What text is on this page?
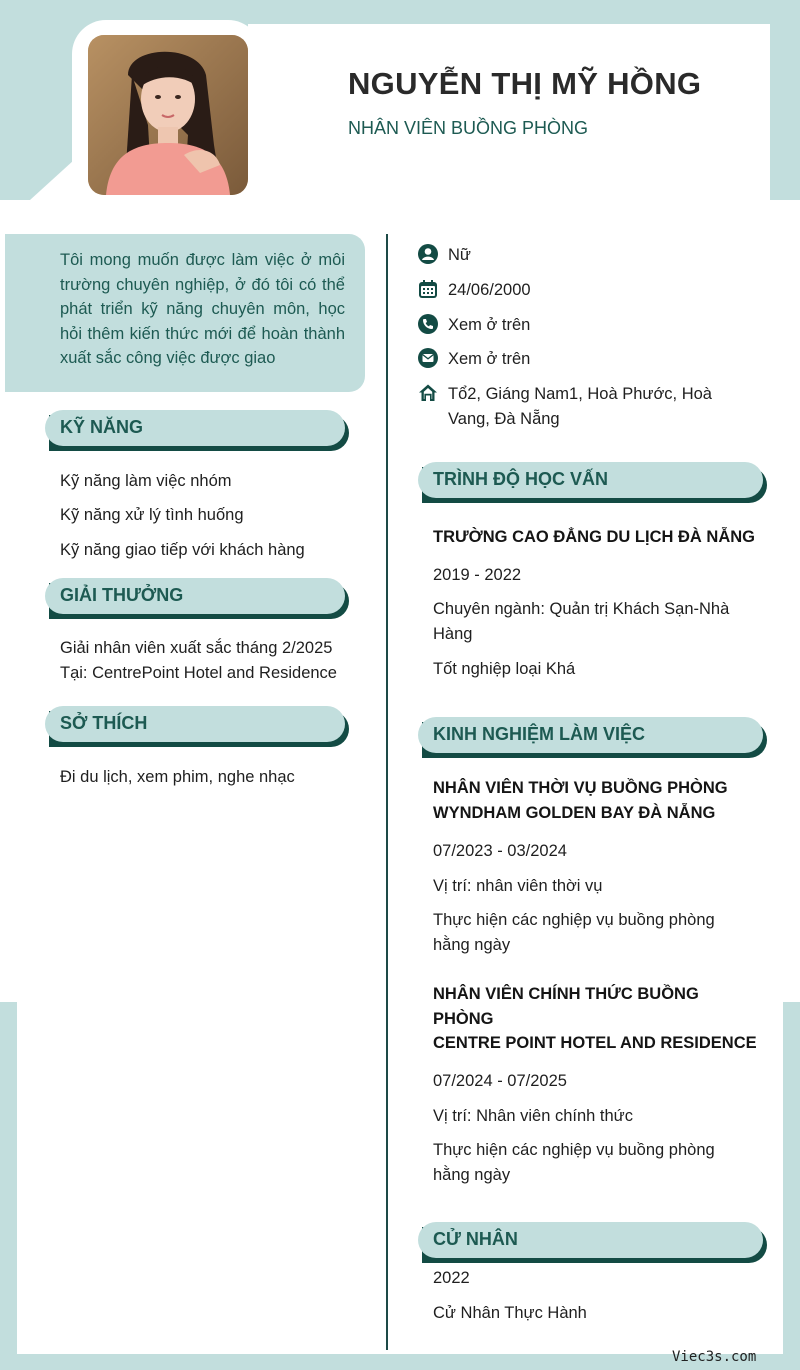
NGUYỄN THỊ MỸ HỒNG
NHÂN VIÊN BUỒNG PHÒNG
Tôi mong muốn được làm việc ở môi trường chuyên nghiệp, ở đó tôi có thể phát triển kỹ năng chuyên môn, học hỏi thêm kiến thức mới để hoàn thành xuất sắc công việc được giao
Nữ
24/06/2000
Xem ở trên
Xem ở trên
Tổ2, Giáng Nam1, Hoà Phước, Hoà Vang, Đà Nẵng
KỸ NĂNG
Kỹ năng làm việc nhóm
Kỹ năng xử lý tình huống
Kỹ năng giao tiếp với khách hàng
GIẢI THƯỞNG
Giải nhân viên xuất sắc tháng 2/2025
Tại: CentrePoint Hotel and Residence
SỞ THÍCH
Đi du lịch, xem phim, nghe nhạc
TRÌNH ĐỘ HỌC VẤN
TRƯỜNG CAO ĐẲNG DU LỊCH ĐÀ NẴNG
2019 - 2022
Chuyên ngành: Quản trị Khách Sạn-Nhà Hàng
Tốt nghiệp loại Khá
KINH NGHIỆM LÀM VIỆC
NHÂN VIÊN THỜI VỤ BUỒNG PHÒNG
WYNDHAM GOLDEN BAY ĐÀ NẴNG
07/2023 - 03/2024
Vị trí: nhân viên thời vụ
Thực hiện các nghiệp vụ buồng phòng hằng ngày
NHÂN VIÊN CHÍNH THỨC BUỒNG PHÒNG
CENTRE POINT HOTEL AND RESIDENCE
07/2024 - 07/2025
Vị trí: Nhân viên chính thức
Thực hiện các nghiệp vụ buồng phòng hằng ngày
CỬ NHÂN
2022
Cử Nhân Thực Hành
Viec3s.com
